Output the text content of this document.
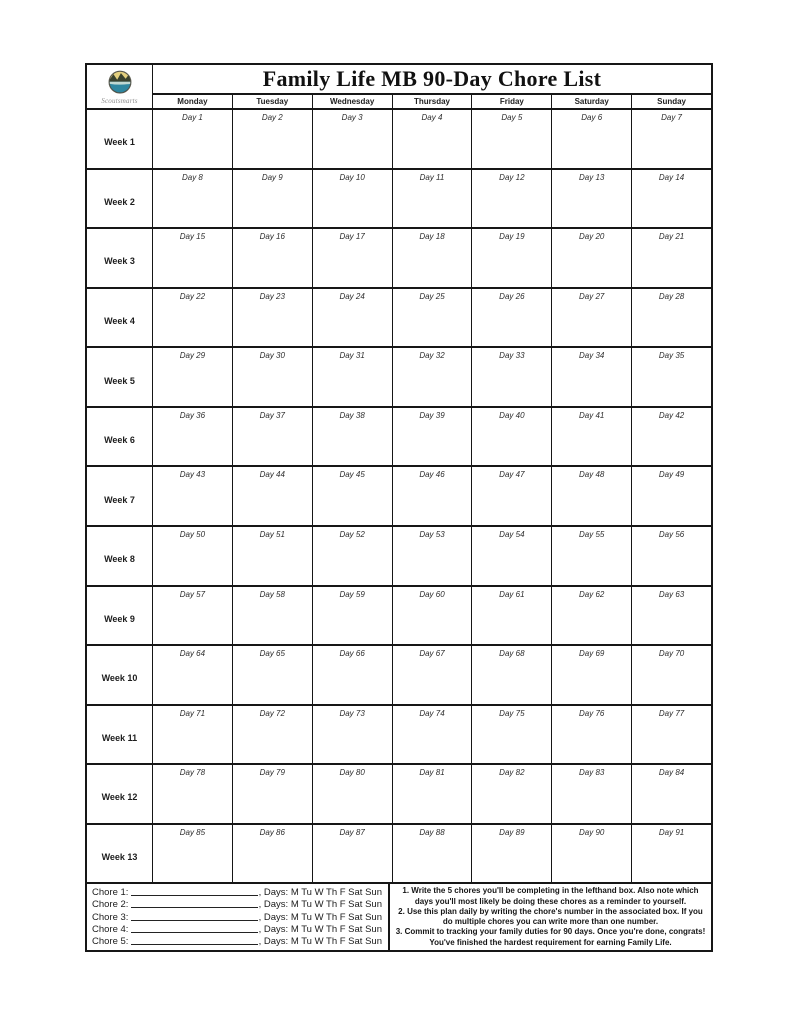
Scoutsmarts
Family Life MB 90-Day Chore List
Monday	Tuesday	Wednesday	Thursday	Friday	Saturday	Sunday
Week 1
Day 1	Day 2	Day 3	Day 4	Day 5	Day 6	Day 7
Week 2
Day 8	Day 9	Day 10	Day 11	Day 12	Day 13	Day 14
Week 3
Day 15	Day 16	Day 17	Day 18	Day 19	Day 20	Day 21
Week 4
Day 22	Day 23	Day 24	Day 25	Day 26	Day 27	Day 28
Week 5
Day 29	Day 30	Day 31	Day 32	Day 33	Day 34	Day 35
Week 6
Day 36	Day 37	Day 38	Day 39	Day 40	Day 41	Day 42
Week 7
Day 43	Day 44	Day 45	Day 46	Day 47	Day 48	Day 49
Week 8
Day 50	Day 51	Day 52	Day 53	Day 54	Day 55	Day 56
Week 9
Day 57	Day 58	Day 59	Day 60	Day 61	Day 62	Day 63
Week 10
Day 64	Day 65	Day 66	Day 67	Day 68	Day 69	Day 70
Week 11
Day 71	Day 72	Day 73	Day 74	Day 75	Day 76	Day 77
Week 12
Day 78	Day 79	Day 80	Day 81	Day 82	Day 83	Day 84
Week 13
Day 85	Day 86	Day 87	Day 88	Day 89	Day 90	Day 91
Chore 1:	, Days: M Tu W Th F Sat Sun
Chore 2:	, Days: M Tu W Th F Sat Sun
Chore 3:	, Days: M Tu W Th F Sat Sun
Chore 4:	, Days: M Tu W Th F Sat Sun
Chore 5:	, Days: M Tu W Th F Sat Sun
1. Write the 5 chores you'll be completing in the lefthand box. Also note which days you'll most likely be doing these chores as a reminder to yourself.
2. Use this plan daily by writing the chore's number in the associated box. If you do multiple chores you can write more than one number.
3. Commit to tracking your family duties for 90 days. Once you're done, congrats! You've finished the hardest requirement for earning Family Life.
